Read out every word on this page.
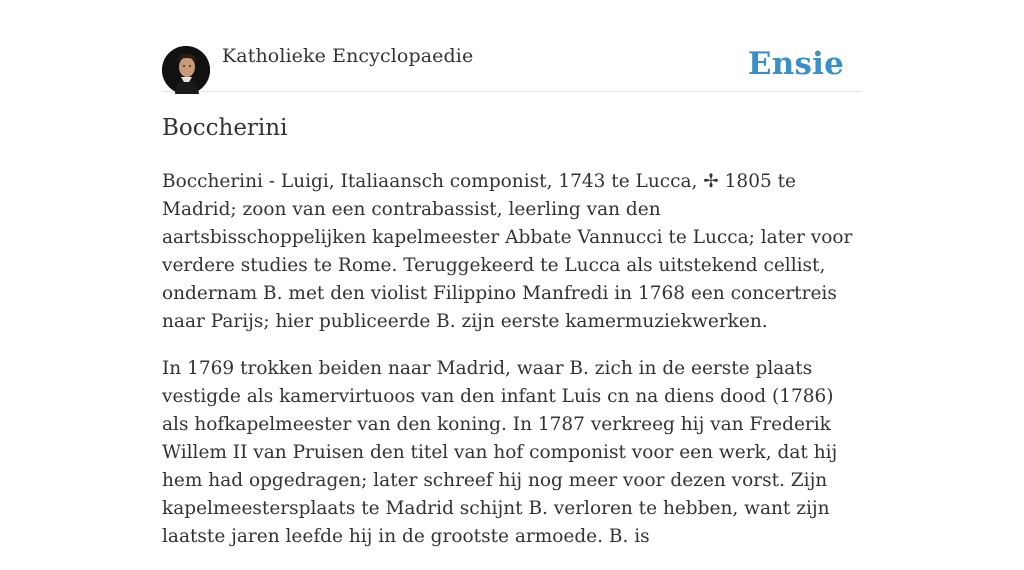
Katholieke Encyclopaedie	Ensie
Boccherini

Boccherini - Luigi, Italiaansch componist, 1743 te Lucca, ✢ 1805 te Madrid; zoon van een contrabassist, leerling van den aartsbisschoppelijken kapelmeester Abbate Vannucci te Lucca; later voor verdere studies te Rome. Teruggekeerd te Lucca als uitstekend cellist, ondernam B. met den violist Filippino Manfredi in 1768 een concertreis naar Parijs; hier publiceerde B. zijn eerste kamermuziekwerken.

In 1769 trokken beiden naar Madrid, waar B. zich in de eerste plaats vestigde als kamervirtuoos van den infant Luis cn na diens dood (1786) als hofkapelmeester van den koning. In 1787 verkreeg hij van Frederik Willem II van Pruisen den titel van hof componist voor een werk, dat hij hem had opgedragen; later schreef hij nog meer voor dezen vorst. Zijn kapelmeestersplaats te Madrid schijnt B. verloren te hebben, want zijn laatste jaren leefde hij in de grootste armoede. B. is
